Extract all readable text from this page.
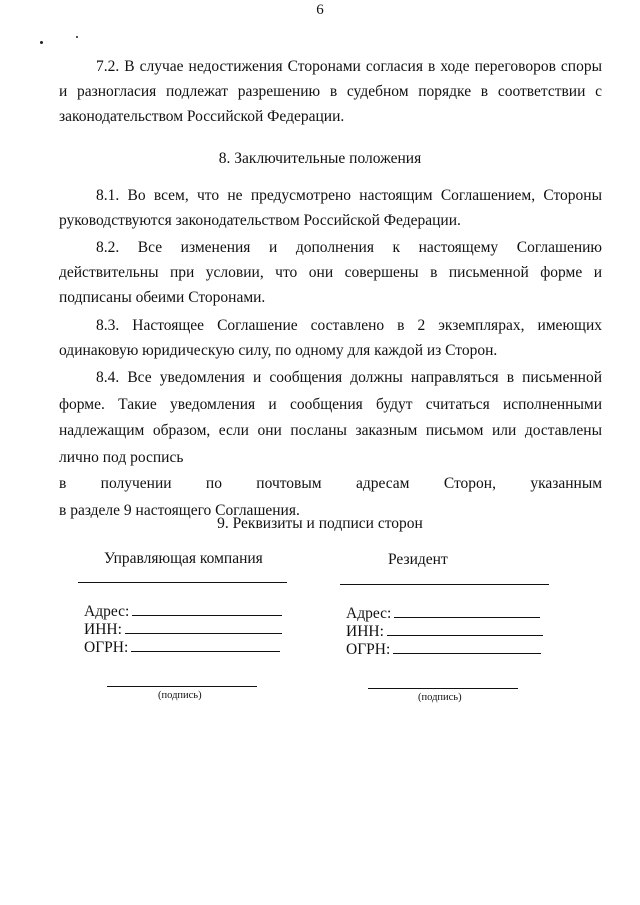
6

7.2. В случае недостижения Сторонами согласия в ходе переговоров споры и разногласия подлежат разрешению в судебном порядке в соответствии с законодательством Российской Федерации.

8. Заключительные положения

8.1. Во всем, что не предусмотрено настоящим Соглашением, Стороны руководствуются законодательством Российской Федерации.

8.2. Все изменения и дополнения к настоящему Соглашению действительны при условии, что они совершены в письменной форме и подписаны обеими Сторонами.

8.3. Настоящее Соглашение составлено в 2 экземплярах, имеющих одинаковую юридическую силу, по одному для каждой из Сторон.

8.4. Все уведомления и сообщения должны направляться в письменной форме. Такие уведомления и сообщения будут считаться исполненными надлежащим образом, если они посланы заказным письмом или доставлены лично под роспись
в получении по почтовым адресам Сторон, указанным
в разделе 9 настоящего Соглашения.
9. Реквизиты и подписи сторон
Управляющая компания	Резидент
Адрес:
ИНН:
ОГРН:
Адрес:
ИНН:
ОГРН:
(подпись)	(подпись)
